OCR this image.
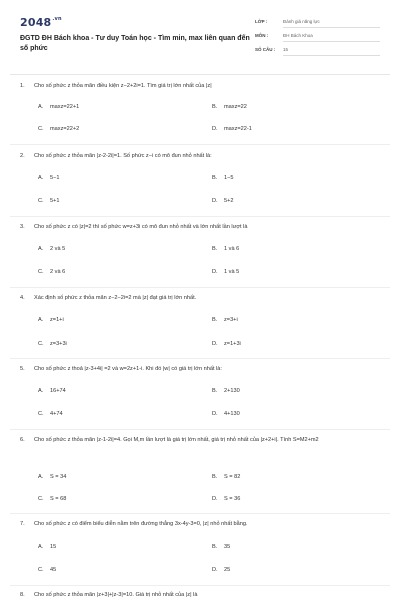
$2048^{.vn}$
ĐGTD ĐH Bách khoa - Tư duy Toán học - Tìm min, max liên quan đến số phức
LỚP :	Đánh giá năng lực
MÔN :	ĐH Bách Khoa
SỐ CÂU : 15
1. Cho số phức z thỏa mãn điều kiện z−2+2i=1. Tìm giá trị lớn nhất của |z|
A. maxz=22+1	B. maxz=22
C. maxz=22+2	D. maxz=22-1
2. Cho số phức z thỏa mãn |z-2-2i|=1. Số phức z−i có mô đun nhỏ nhất là:
A. 5−1	B. 1−5
C. 5+1	D. 5+2
3. Cho số phức z có |z|=2 thì số phức w=z+3i có mô đun nhỏ nhất và lớn nhất lần lượt là
A. 2 và 5	B. 1 và 6
C. 2 và 6	D. 1 và 5
4. Xác định số phức z thỏa mãn z−2−2i=2 mà |z| đạt giá trị lớn nhất.
A. z=1+i	B. z=3+i
C. z=3+3i	D. z=1+3i
5. Cho số phức z thoả |z-3+4i| =2 và w=2z+1-i. Khi đó |w| có giá trị lớn nhất là:
A. 16+74	B. 2+130
C. 4+74	D. 4+130
6. Cho số phức z thỏa mãn |z-1-2i|=4. Gọi M,m lần lượt là giá trị lớn nhất, giá trị nhỏ nhất của |z+2+i|. Tính S=M2+m2
A. S = 34	B. S = 82
C. S = 68	D. S = 36
7. Cho số phức z có điểm biểu diễn nằm trên đường thẳng 3x-4y-3=0, |z| nhỏ nhất bằng.
A. 15	B. 35
C. 45	D. 25
8. Cho số phức z thỏa mãn |z+3|+|z-3|=10. Giá trị nhỏ nhất của |z| là
